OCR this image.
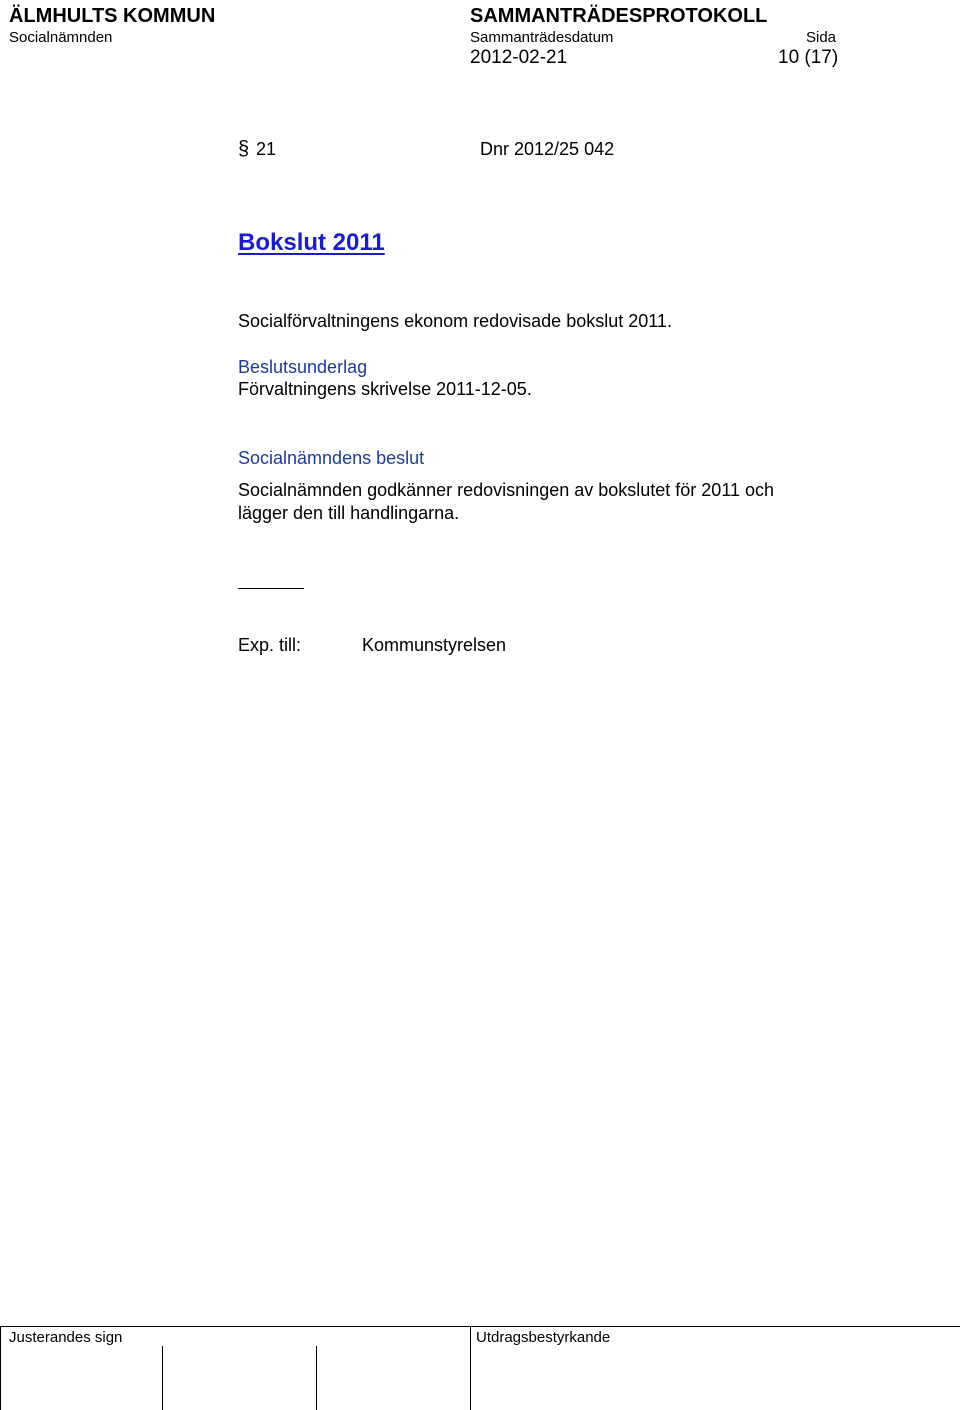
ÄLMHULTS KOMMUN
Socialnämnden
SAMMANTRÄDESPROTOKOLL
Sammanträdesdatum
2012-02-21
Sida
10 (17)
§ 21	Dnr 2012/25 042
Bokslut 2011
Socialförvaltningens ekonom redovisade bokslut 2011.
Beslutsunderlag
Förvaltningens skrivelse 2011-12-05.
Socialnämndens beslut
Socialnämnden godkänner redovisningen av bokslutet för 2011 och
lägger den till handlingarna.
Exp. till:	Kommunstyrelsen
Justerandes sign	Utdragsbestyrkande
